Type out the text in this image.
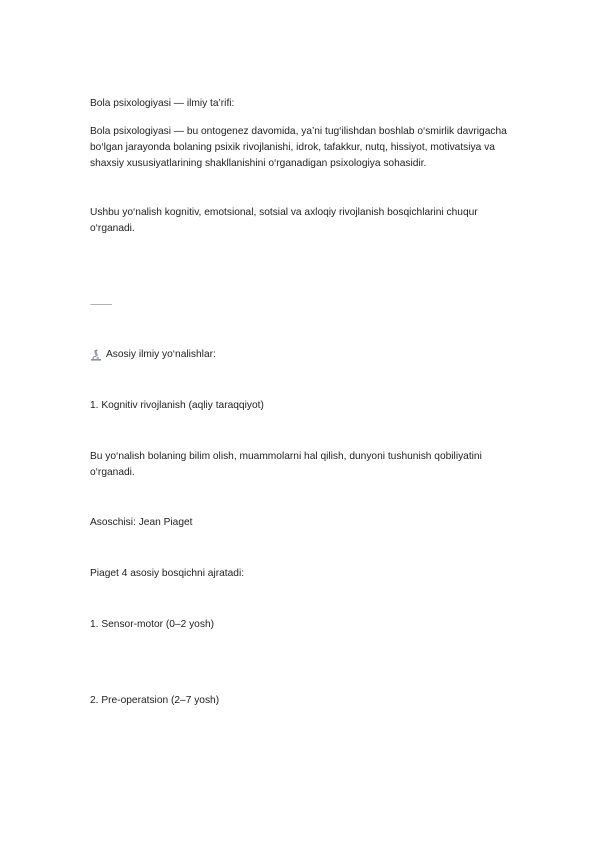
Bola psixologiyasi — ilmiy ta’rifi:

Bola psixologiyasi — bu ontogenez davomida, ya’ni tug‘ilishdan boshlab o‘smirlik davrigacha bo‘lgan jarayonda bolaning psixik rivojlanishi, idrok, tafakkur, nutq, hissiyot, motivatsiya va shaxsiy xususiyatlarining shakllanishini o‘rganadigan psixologiya sohasidir.

Ushbu yo‘nalish kognitiv, emotsional, sotsial va axloqiy rivojlanish bosqichlarini chuqur o‘rganadi.

⸻

Asosiy ilmiy yo‘nalishlar:

1. Kognitiv rivojlanish (aqliy taraqqiyot)

Bu yo‘nalish bolaning bilim olish, muammolarni hal qilish, dunyoni tushunish qobiliyatini o‘rganadi.

Asoschisi: Jean Piaget

Piaget 4 asosiy bosqichni ajratadi:

1. Sensor-motor (0–2 yosh)

2. Pre-operatsion (2–7 yosh)
